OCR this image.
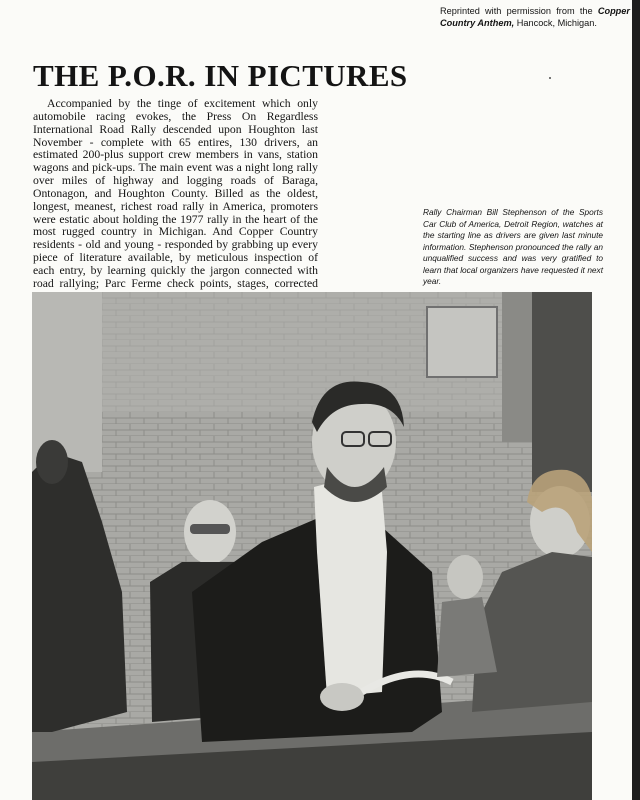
Reprinted with permission from the Copper Country Anthem, Hancock, Michigan.
THE P.O.R. IN PICTURES

Accompanied by the tinge of excitement which only automobile racing evokes, the Press On Regardless International Road Rally descended upon Houghton last November - complete with 65 entires, 130 drivers, an estimated 200-plus support crew members in vans, station wagons and pick-ups. The main event was a night long rally over miles of highway and logging roads of Baraga, Ontonagon, and Houghton County. Billed as the oldest, longest, meanest, richest road rally in America, promoters were estatic about holding the 1977 rally in the heart of the most rugged country in Michigan. And Copper Country residents - old and young - responded by grabbing up every piece of literature available, by meticulous inspection of each entry, by learning quickly the jargon connected with road rallying; Parc Ferme check points, stages, corrected

Rally Chairman Bill Stephenson of the Sports Car Club of America, Detroit Region, watches at the starting line as drivers are given last minute information. Stephenson pronounced the rally an unqualified success and was very gratified to learn that local organizers have requested it next year.
